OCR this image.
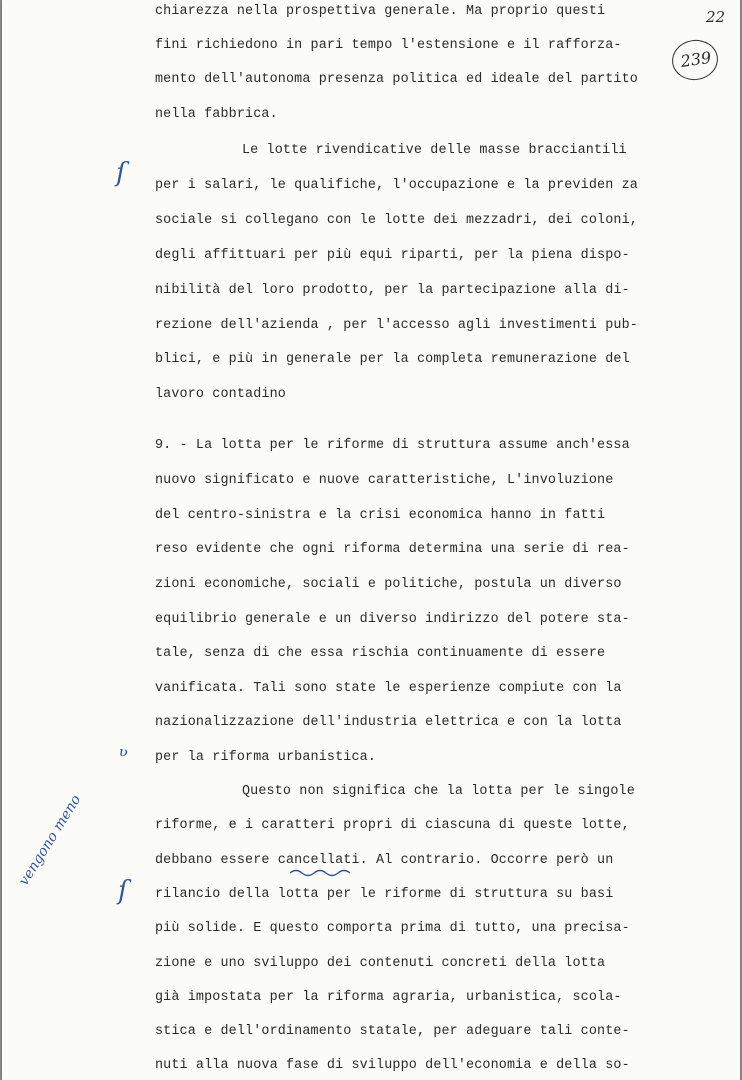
22
239

chiarezza nella prospettiva generale. Ma proprio questi

fini richiedono in pari tempo l'estensione e il rafforza-

mento dell'autonoma presenza politica ed ideale del partito

nella fabbrica.

Le lotte rivendicative delle masse bracciantili

per i salari, le qualifiche, l'occupazione e la previden za

sociale si collegano con le lotte dei mezzadri, dei coloni,

degli affittuari per più equi riparti, per la piena dispo-

nibilità del loro prodotto, per la partecipazione alla di-

rezione dell'azienda , per l'accesso agli investimenti pub-

blici, e più in generale per la completa remunerazione del

lavoro contadino

9. - La lotta per le riforme di struttura assume anch'essa

nuovo significato e nuove caratteristiche, L'involuzione

del centro-sinistra e la crisi economica hanno in fatti

reso evidente che ogni riforma determina una serie di rea-

zioni economiche, sociali e politiche, postula un diverso

equilibrio generale e un diverso indirizzo del potere sta-

tale, senza di che essa rischia continuamente di essere

vanificata. Tali sono state le esperienze compiute con la

nazionalizzazione dell'industria elettrica e con la lotta

per la riforma urbanistica.

Questo non significa che la lotta per le singole

riforme, e i caratteri propri di ciascuna di queste lotte,

debbano essere cancellati. Al contrario. Occorre però un

rilancio della lotta per le riforme di struttura su basi

più solide. E questo comporta prima di tutto, una precisa-

zione e uno sviluppo dei contenuti concreti della lotta

già impostata per la riforma agraria, urbanistica, scola-

stica e dell'ordinamento statale, per adeguare tali conte-

nuti alla nuova fase di sviluppo dell'economia e della so-

ſ
ᶹ
ſ
vengono meno
